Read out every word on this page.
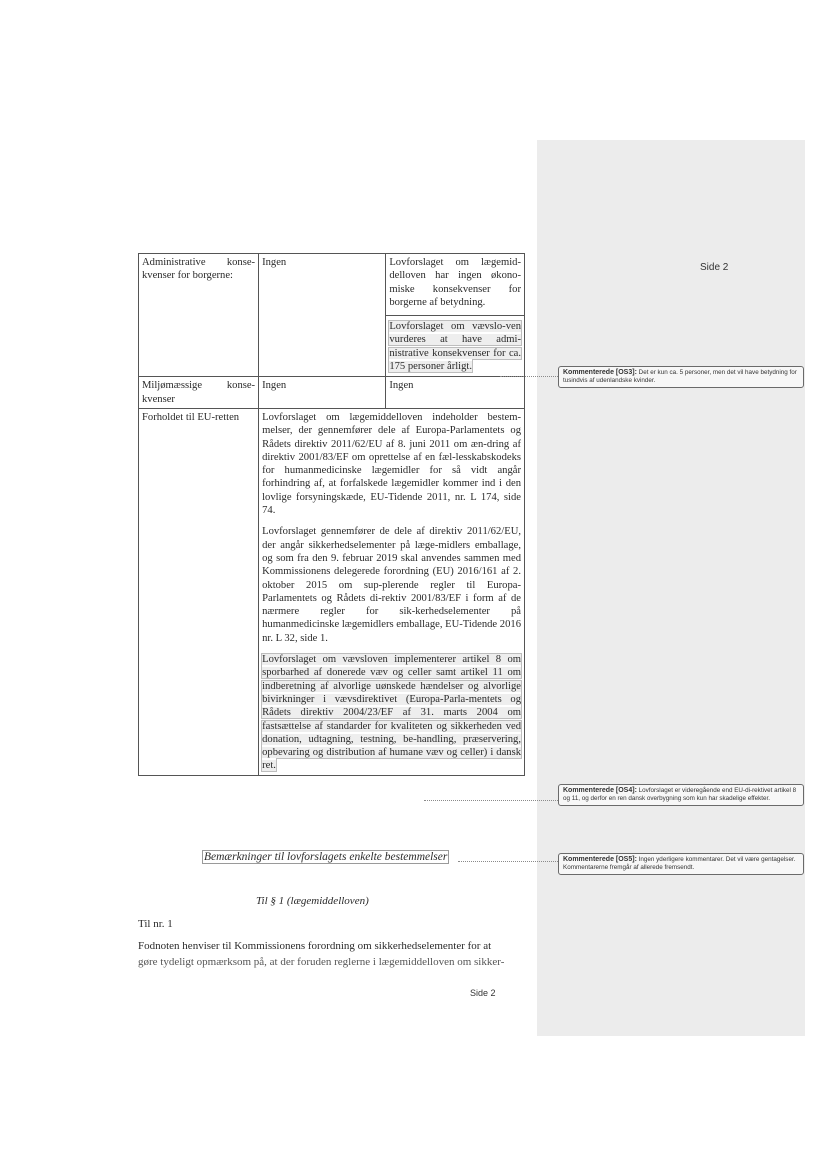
Side 2
Administrative konse-kvenser for borgerne:	Ingen	Lovforslaget om lægemid-delloven har ingen økono-miske konsekvenser for borgerne af betydning.
Lovforslaget om vævslo-ven vurderes at have admi-nistrative konsekvenser for ca. 175 personer årligt.

Miljømæssige konse-kvenser	Ingen	Ingen
Forholdet til EU-retten	Lovforslaget om lægemiddelloven indeholder bestem-melser, der gennemfører dele af Europa-Parlamentets og Rådets direktiv 2011/62/EU af 8. juni 2011 om æn-dring af direktiv 2001/83/EF om oprettelse af en fæl-lesskabskodeks for humanmedicinske lægemidler for så vidt angår forhindring af, at forfalskede lægemidler kommer ind i den lovlige forsyningskæde, EU-Tidende 2011, nr. L 174, side 74.

Lovforslaget gennemfører de dele af direktiv 2011/62/EU, der angår sikkerhedselementer på læge-midlers emballage, og som fra den 9. februar 2019 skal anvendes sammen med Kommissionens delegerede forordning (EU) 2016/161 af 2. oktober 2015 om sup-plerende regler til Europa-Parlamentets og Rådets di-rektiv 2001/83/EF i form af de nærmere regler for sik-kerhedselementer på humanmedicinske lægemidlers emballage, EU-Tidende 2016 nr. L 32, side 1.

Lovforslaget om vævsloven implementerer artikel 8 om sporbarhed af donerede væv og celler samt artikel 11 om indberetning af alvorlige uønskede hændelser og alvorlige bivirkninger i vævsdirektivet (Europa-Parla-mentets og Rådets direktiv 2004/23/EF af 31. marts 2004 om fastsættelse af standarder for kvaliteten og sikkerheden ved donation, udtagning, testning, be-handling, præservering, opbevaring og distribution af humane væv og celler) i dansk ret.	

Kommenterede [OS3]: Det er kun ca. 5 personer, men det vil have betydning for tusindvis af udenlandske kvinder.
Kommenterede [OS4]: Lovforslaget er videregående end EU-di-rektivet artikel 8 og 11, og derfor en ren dansk overbygning som kun har skadelige effekter.
Kommenterede [OS5]: Ingen yderligere kommentarer. Det vil være gentagelser. Kommentarerne fremgår af allerede fremsendt.
Bemærkninger til lovforslagets enkelte bestemmelser
Til § 1 (lægemiddelloven)
Til nr. 1
Fodnoten henviser til Kommissionens forordning om sikkerhedselementer for at
gøre tydeligt opmærksom på, at der foruden reglerne i lægemiddelloven om sikker-
Side 2
